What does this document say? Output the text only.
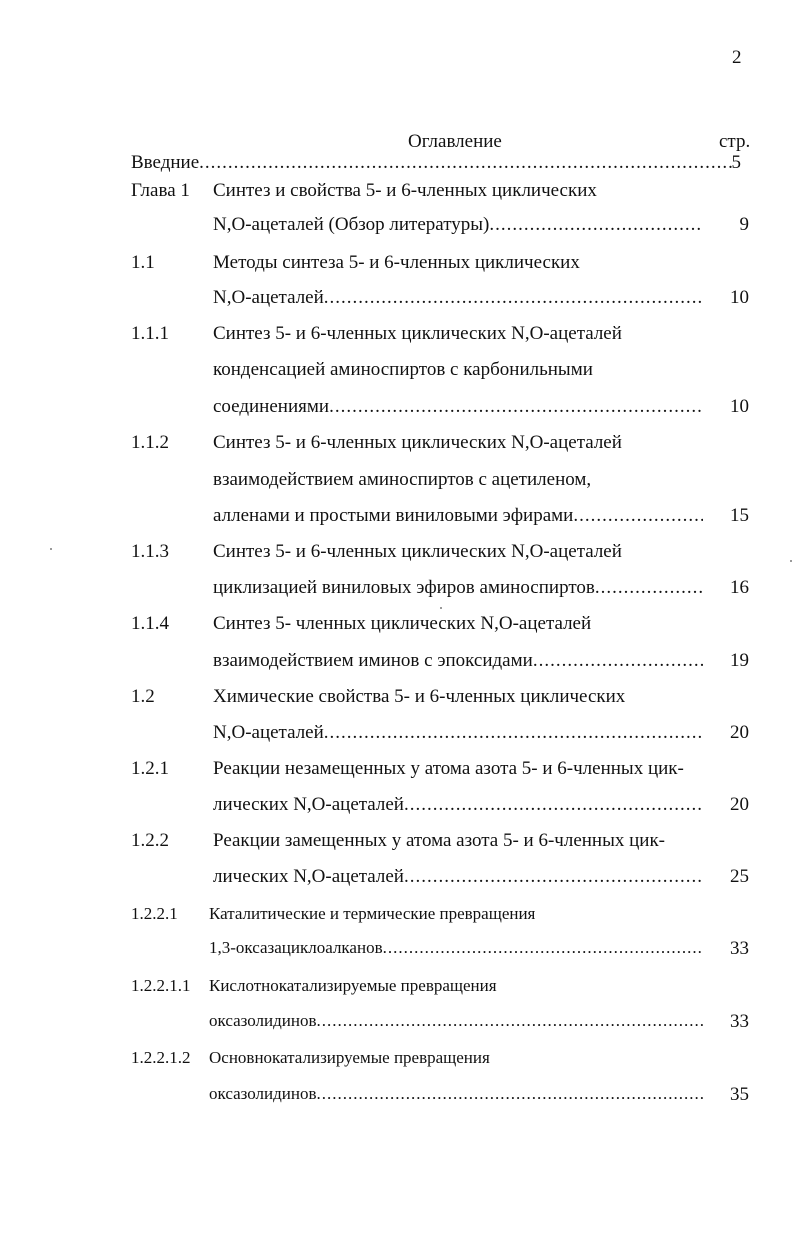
2
Оглавление	стр.
Введние .....	5
Глава 1 Синтез и свойства 5- и 6-членных циклических
N,O-ацеталей (Обзор литературы) .....	9
1.1	Методы синтеза 5- и 6-членных циклических
N,O-ацеталей .....	10
1.1.1 Синтез 5- и 6-членных циклических N,O-ацеталей
конденсацией аминоспиртов с карбонильными
соединениями .....	10
1.1.2 Синтез 5- и 6-членных циклических N,O-ацеталей
взаимодействием аминоспиртов с ацетиленом,
алленами и простыми виниловыми эфирами .....	15
1.1.3 Синтез 5- и 6-членных циклических N,O-ацеталей
циклизацией виниловых эфиров аминоспиртов .....	16
1.1.4 Синтез 5- членных циклических N,O-ацеталей
взаимодействием иминов с эпоксидами .....	19
1.2	Химические свойства 5- и 6-членных циклических
N,O-ацеталей .....	20
1.2.1 Реакции незамещенных у атома азота 5- и 6-членных цик-
лических N,O-ацеталей .....	20
1.2.2 Реакции замещенных у атома азота 5- и 6-членных цик-
лических N,O-ацеталей .....	25
1.2.2.1 Каталитические и термические превращения
1,3-оксазациклоалканов .....	33
1.2.2.1.1 Кислотнокатализируемые превращения
оксазолидинов .....	33
1.2.2.1.2 Основнокатализируемые превращения
оксазолидинов .....	35
